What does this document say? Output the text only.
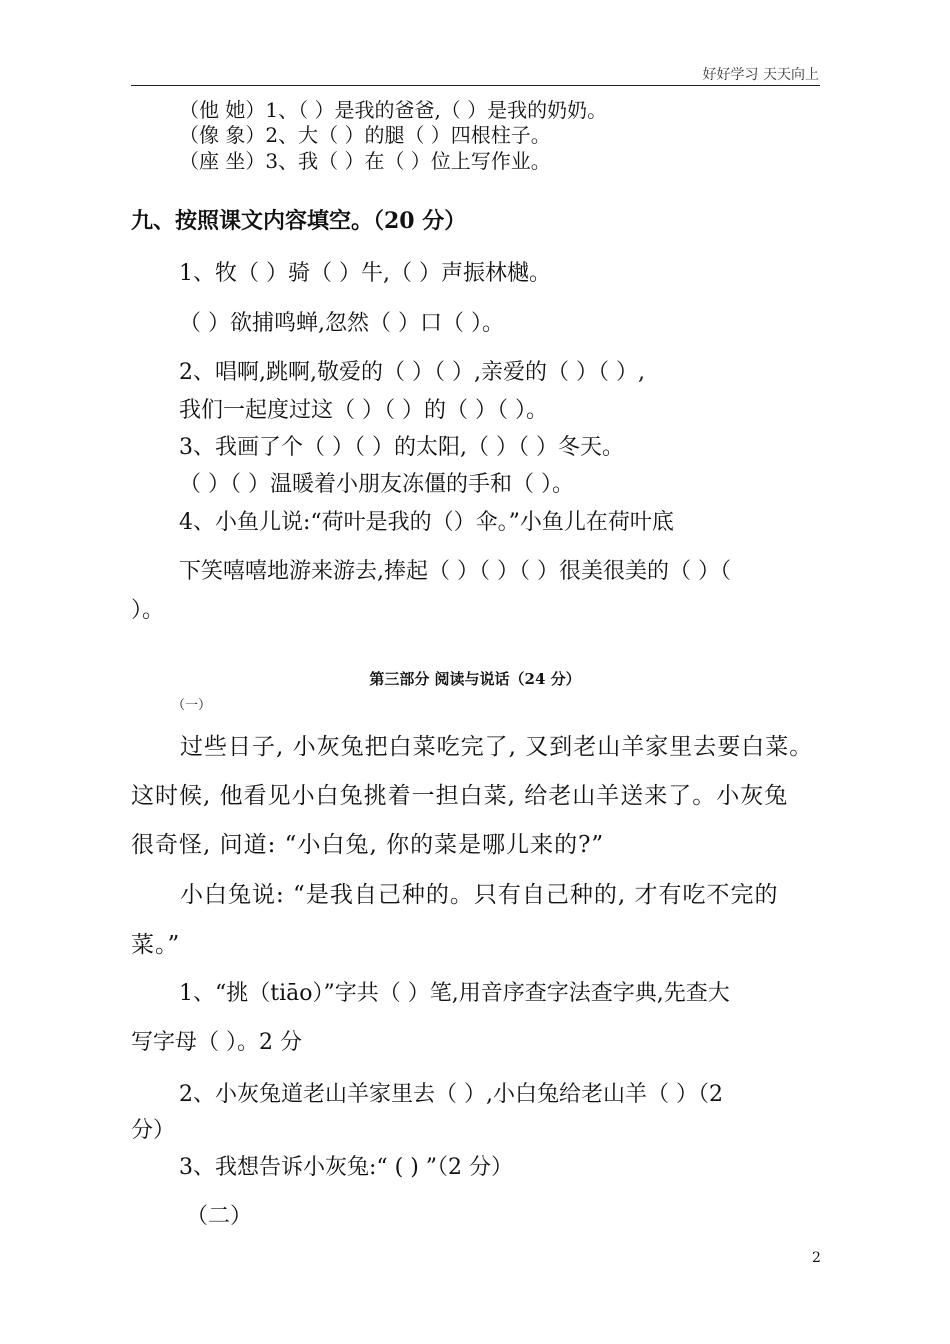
好好学习 天天向上
（他 她）1、（ ）是我的爸爸,（ ）是我的奶奶。
（像 象）2、大（ ）的腿（ ）四根柱子。
（座 坐）3、我（ ）在（ ）位上写作业。
九、按照课文内容填空。（20 分）
1、牧（ ）骑（ ）牛,（ ）声振林樾。
（ ）欲捕鸣蝉,忽然（ ）口（ ）。
2、唱啊,跳啊,敬爱的（ ）（ ）,亲爱的（ ）（ ）,
我们一起度过这（ ）（ ）的（ ）（ ）。
3、我画了个（ ）（ ）的太阳,（ ）（ ）冬天。
（ ）（ ）温暖着小朋友冻僵的手和（ ）。
4、小鱼儿说:“荷叶是我的（）伞。”小鱼儿在荷叶底
下笑嘻嘻地游来游去,捧起（ ）（ ）（ ）很美很美的（ ）（
）。
第三部分 阅读与说话（24 分）
（一）
过些日子, 小灰兔把白菜吃完了, 又到老山羊家里去要白菜。
这时候, 他看见小白兔挑着一担白菜, 给老山羊送来了。小灰兔
很奇怪, 问道: “小白兔, 你的菜是哪儿来的?”
小白兔说: “是我自己种的。只有自己种的, 才有吃不完的
菜。”
1、“挑（tiāo）”字共（ ）笔,用音序查字法查字典,先查大
写字母（ ）。2 分
2、小灰兔道老山羊家里去（ ）,小白兔给老山羊（ ）（2
分）
3、我想告诉小灰兔:“ ( ) ”（2 分）
（二）
2
